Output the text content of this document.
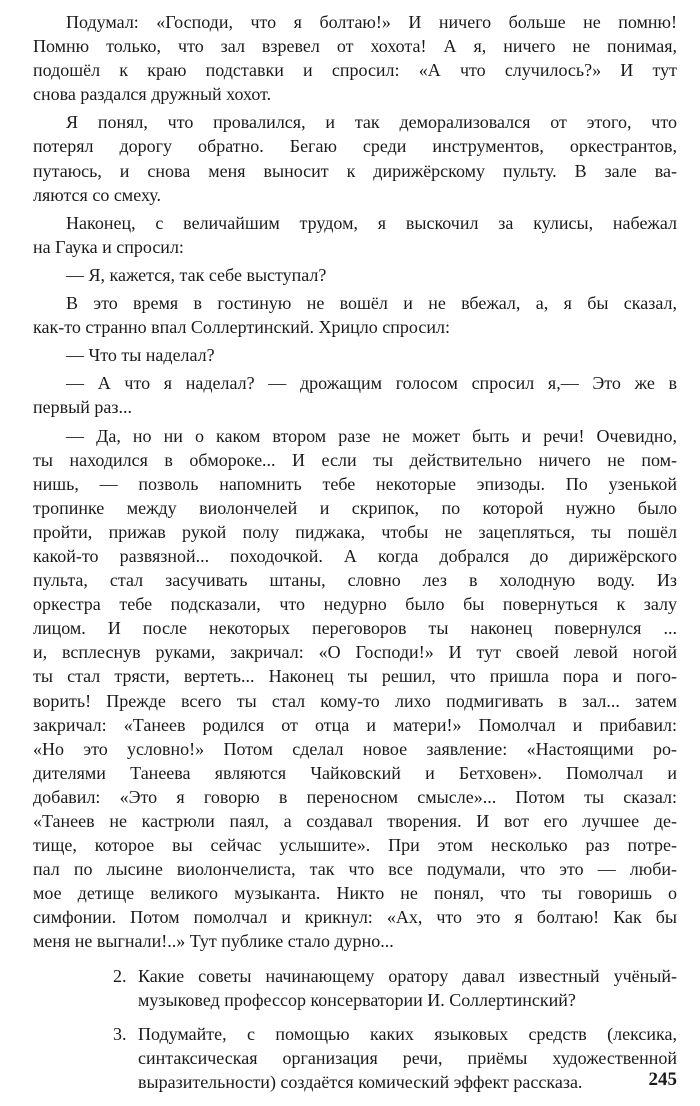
Подумал: «Господи, что я болтаю!» И ничего больше не помню!
Помню только, что зал взревел от хохота! А я, ничего не понимая,
подошёл к краю подставки и спросил: «А что случилось?» И тут
снова раздался дружный хохот.
Я понял, что провалился, и так деморализовался от этого, что
потерял дорогу обратно. Бегаю среди инструментов, оркестрантов,
путаюсь, и снова меня выносит к дирижёрскому пульту. В зале ва-
ляются со смеху.
Наконец, с величайшим трудом, я выскочил за кулисы, набежал
на Гаука и спросил:
— Я, кажется, так себе выступал?
В это время в гостиную не вошёл и не вбежал, а, я бы сказал,
как-то странно впал Соллертинский. Хрицло спросил:
— Что ты наделал?
— А что я наделал? — дрожащим голосом спросил я,— Это же в
первый раз...
— Да, но ни о каком втором разе не может быть и речи! Очевидно,
ты находился в обмороке... И если ты действительно ничего не пом-
нишь, — позволь напомнить тебе некоторые эпизоды. По узенькой
тропинке между виолончелей и скрипок, по которой нужно было
пройти, прижав рукой полу пиджака, чтобы не зацепляться, ты пошёл
какой-то развязной... походочкой. А когда добрался до дирижёрского
пульта, стал засучивать штаны, словно лез в холодную воду. Из
оркестра тебе подсказали, что недурно было бы повернуться к залу
лицом. И после некоторых переговоров ты наконец повернулся ...
и, всплеснув руками, закричал: «О Господи!» И тут своей левой ногой
ты стал трясти, вертеть... Наконец ты решил, что пришла пора и пого-
ворить! Прежде всего ты стал кому-то лихо подмигивать в зал... затем
закричал: «Танеев родился от отца и матери!» Помолчал и прибавил:
«Но это условно!» Потом сделал новое заявление: «Настоящими ро-
дителями Танеева являются Чайковский и Бетховен». Помолчал и
добавил: «Это я говорю в переносном смысле»... Потом ты сказал:
«Танеев не кастрюли паял, а создавал творения. И вот его лучшее де-
тище, которое вы сейчас услышите». При этом несколько раз потре-
пал по лысине виолончелиста, так что все подумали, что это — люби-
мое детище великого музыканта. Никто не понял, что ты говоришь о
симфонии. Потом помолчал и крикнул: «Ах, что это я болтаю! Как бы
меня не выгнали!..» Тут публике стало дурно...
2. Какие советы начинающему оратору давал известный учёный-
музыковед профессор консерватории И. Соллертинский?
3. Подумайте, с помощью каких языковых средств (лексика,
синтаксическая организация речи, приёмы художественной
выразительности) создаётся комический эффект рассказа.	245
